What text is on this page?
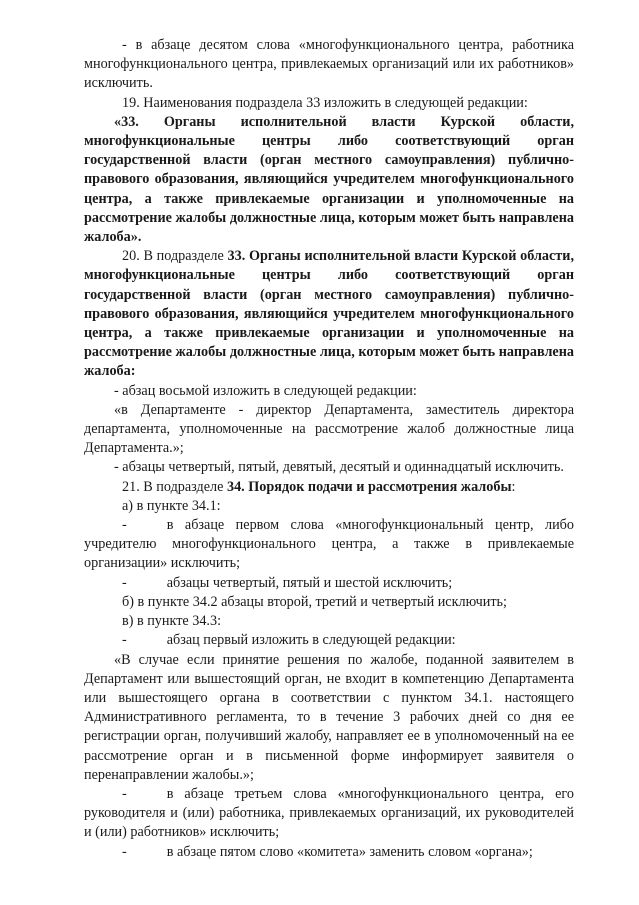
- в абзаце десятом слова «многофункционального центра, работника многофункционального центра, привлекаемых организаций или их работников» исключить.

19. Наименования подраздела 33 изложить в следующей редакции:

«33. Органы исполнительной власти Курской области, многофункциональные центры либо соответствующий орган государственной власти (орган местного самоуправления) публично-правового образования, являющийся учредителем многофункционального центра, а также привлекаемые организации и уполномоченные на рассмотрение жалобы должностные лица, которым может быть направлена жалоба».

20. В подразделе 33. Органы исполнительной власти Курской области, многофункциональные центры либо соответствующий орган государственной власти (орган местного самоуправления) публично-правового образования, являющийся учредителем многофункционального центра, а также привлекаемые организации и уполномоченные на рассмотрение жалобы должностные лица, которым может быть направлена жалоба:

- абзац восьмой изложить в следующей редакции:

«в Департаменте - директор Департамента, заместитель директора департамента, уполномоченные на рассмотрение жалоб должностные лица Департамента.»;

- абзацы четвертый, пятый, девятый, десятый и одиннадцатый исключить.

21. В подразделе 34. Порядок подачи и рассмотрения жалобы:

а) в пункте 34.1:

-	в абзаце первом слова «многофункциональный центр, либо учредителю многофункционального центра, а также в привлекаемые организации» исключить;

-	абзацы четвертый, пятый и шестой исключить;

б) в пункте 34.2 абзацы второй, третий и четвертый исключить;

в) в пункте 34.3:

-	абзац первый изложить в следующей редакции:

«В случае если принятие решения по жалобе, поданной заявителем в Департамент или вышестоящий орган, не входит в компетенцию Департамента или вышестоящего органа в соответствии с пунктом 34.1. настоящего Административного регламента, то в течение 3 рабочих дней со дня ее регистрации орган, получивший жалобу, направляет ее в уполномоченный на ее рассмотрение орган и в письменной форме информирует заявителя о перенаправлении жалобы.»;

-	в абзаце третьем слова «многофункционального центра, его руководителя и (или) работника, привлекаемых организаций, их руководителей и (или) работников» исключить;

-	в абзаце пятом слово «комитета» заменить словом «органа»;
